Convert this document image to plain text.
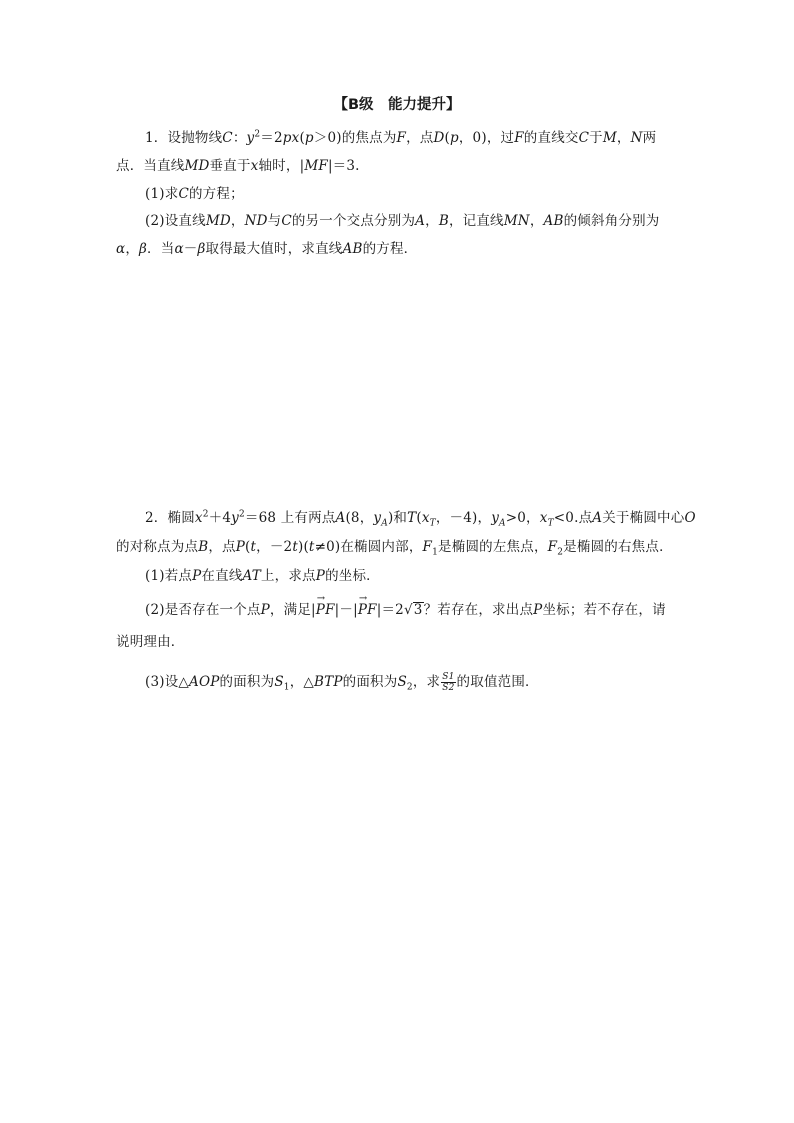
【B级　能力提升】
1．设抛物线C：$y^2=2px(p>0)$的焦点为F，点D(p，0)，过F的直线交C于M，N两
点．当直线MD垂直于x轴时，|MF|＝3.
(1)求C的方程；
(2)设直线MD，ND与C的另一个交点分别为A，B，记直线MN，AB的倾斜角分别为
α，β．当α－β取得最大值时，求直线AB的方程．
2．椭圆$x^2+4y^2=68$ 上有两点A(8，$y_A$)和$T(x_T$，－4)，$y_A>0$，$x_T<0$.点A关于椭圆中心O
的对称点为点B，点P(t，－2t)(t≠0)在椭圆内部，$F_1$是椭圆的左焦点，$F_2$是椭圆的右焦点．
(1)若点P在直线AT上，求点P的坐标．
(2)是否存在一个点P，满足|→ PF|－|→ PF|＝2√3？若存在，求出点P坐标；若不存在，请
说明理由．
(3)设△AOP的面积为$S_1$，△BTP的面积为$S_2$，求 $\frac{S1}{S2}$ 的取值范围．
